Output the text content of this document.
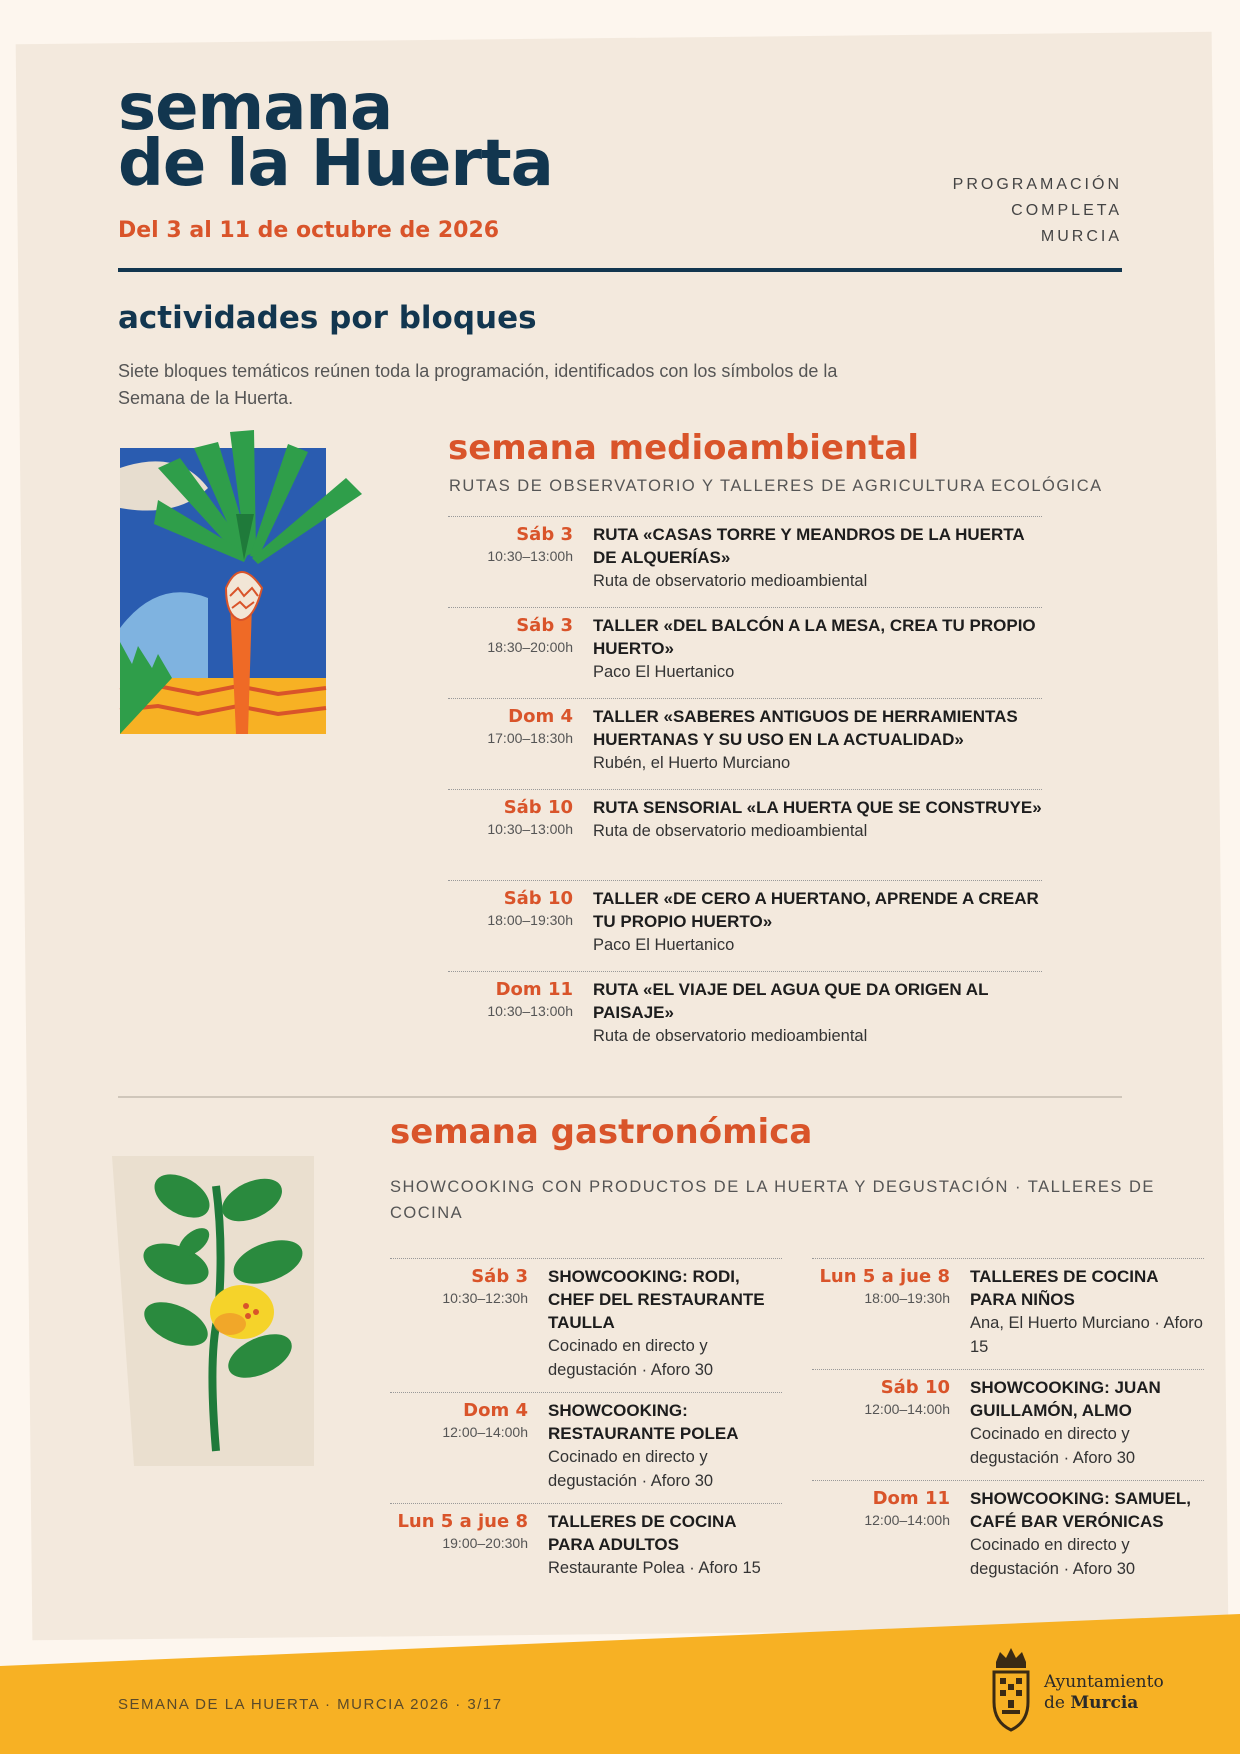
semana
de la Huerta
Del 3 al 11 de octubre de 2026
PROGRAMACIÓN
COMPLETA
MURCIA
actividades por bloques

Siete bloques temáticos reúnen toda la programación, identificados con los símbolos de la Semana de la Huerta.

semana medioambiental
RUTAS DE OBSERVATORIO Y TALLERES DE AGRICULTURA ECOLÓGICA
Sáb 3
10:30–13:00h
RUTA «CASAS TORRE Y MEANDROS DE LA HUERTA DE ALQUERÍAS»
Ruta de observatorio medioambiental
Sáb 3
18:30–20:00h
TALLER «DEL BALCÓN A LA MESA, CREA TU PROPIO HUERTO»
Paco El Huertanico
Dom 4
17:00–18:30h
TALLER «SABERES ANTIGUOS DE HERRAMIENTAS HUERTANAS Y SU USO EN LA ACTUALIDAD»
Rubén, el Huerto Murciano
Sáb 10
10:30–13:00h
RUTA SENSORIAL «LA HUERTA QUE SE CONSTRUYE»
Ruta de observatorio medioambiental
Sáb 10
18:00–19:30h
TALLER «DE CERO A HUERTANO, APRENDE A CREAR TU PROPIO HUERTO»
Paco El Huertanico
Dom 11
10:30–13:00h
RUTA «EL VIAJE DEL AGUA QUE DA ORIGEN AL PAISAJE»
Ruta de observatorio medioambiental
semana gastronómica
SHOWCOOKING CON PRODUCTOS DE LA HUERTA Y DEGUSTACIÓN · TALLERES DE COCINA
Sáb 3
10:30–12:30h
SHOWCOOKING: RODI, CHEF DEL RESTAURANTE TAULLA
Cocinado en directo y degustación · Aforo 30
Dom 4
12:00–14:00h
SHOWCOOKING: RESTAURANTE POLEA
Cocinado en directo y degustación · Aforo 30
Lun 5 a jue 8
19:00–20:30h
TALLERES DE COCINA PARA ADULTOS
Restaurante Polea · Aforo 15
Lun 5 a jue 8
18:00–19:30h
TALLERES DE COCINA PARA NIÑOS
Ana, El Huerto Murciano · Aforo 15
Sáb 10
12:00–14:00h
SHOWCOOKING: JUAN GUILLAMÓN, ALMO
Cocinado en directo y degustación · Aforo 30
Dom 11
12:00–14:00h
SHOWCOOKING: SAMUEL, CAFÉ BAR VERÓNICAS
Cocinado en directo y degustación · Aforo 30
SEMANA DE LA HUERTA · MURCIA 2026 · 3/17
Ayuntamiento
de Murcia
